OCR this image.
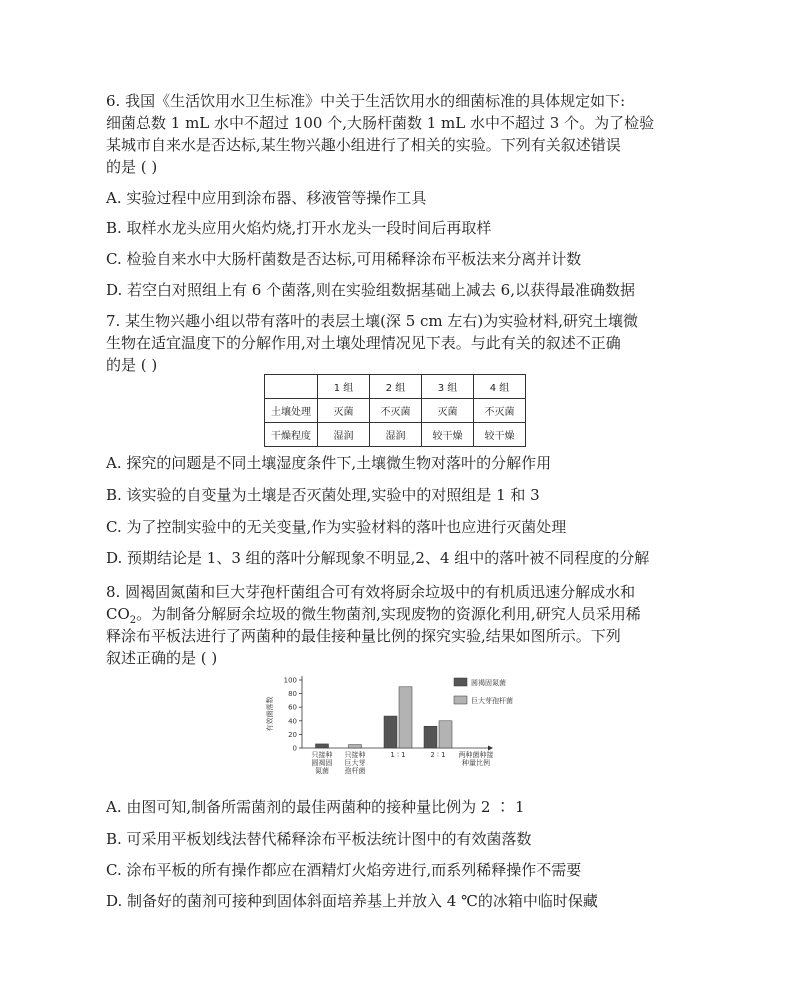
6. 我国《生活饮用水卫生标准》中关于生活饮用水的细菌标准的具体规定如下:

细菌总数 1 mL 水中不超过 100 个,大肠杆菌数 1 mL 水中不超过 3 个。为了检验

某城市自来水是否达标,某生物兴趣小组进行了相关的实验。下列有关叙述错误

的是 ( )

A. 实验过程中应用到涂布器、移液管等操作工具

B. 取样水龙头应用火焰灼烧,打开水龙头一段时间后再取样

C. 检验自来水中大肠杆菌数是否达标,可用稀释涂布平板法来分离并计数

D. 若空白对照组上有 6 个菌落,则在实验组数据基础上减去 6,以获得最准确数据

7. 某生物兴趣小组以带有落叶的表层土壤(深 5 cm 左右)为实验材料,研究土壤微

生物在适宜温度下的分解作用,对土壤处理情况见下表。与此有关的叙述不正确

的是 ( )

	1 组	2 组	3 组	4 组
土壤处理	灭菌	不灭菌	灭菌	不灭菌
干燥程度	湿润	湿润	较干燥	较干燥

A. 探究的问题是不同土壤湿度条件下,土壤微生物对落叶的分解作用

B. 该实验的自变量为土壤是否灭菌处理,实验中的对照组是 1 和 3

C. 为了控制实验中的无关变量,作为实验材料的落叶也应进行灭菌处理

D. 预期结论是 1、3 组的落叶分解现象不明显,2、4 组中的落叶被不同程度的分解

8. 圆褐固氮菌和巨大芽孢杆菌组合可有效将厨余垃圾中的有机质迅速分解成水和

$CO_2$。为制备分解厨余垃圾的微生物菌剂,实现废物的资源化利用,研究人员采用稀

释涂布平板法进行了两菌种的最佳接种量比例的探究实验,结果如图所示。下列

叙述正确的是 ( )

有效菌落数
0
20
40
60
80
100
只接种
圆褐固
氮菌
只接种
巨大芽
孢杆菌
1 ∶ 1	2 ∶ 1 两种菌种接
种量比例
圆褐固氮菌
巨大芽孢杆菌

A. 由图可知,制备所需菌剂的最佳两菌种的接种量比例为 2 ∶ 1

B. 可采用平板划线法替代稀释涂布平板法统计图中的有效菌落数

C. 涂布平板的所有操作都应在酒精灯火焰旁进行,而系列稀释操作不需要

D. 制备好的菌剂可接种到固体斜面培养基上并放入 4 ℃的冰箱中临时保藏
